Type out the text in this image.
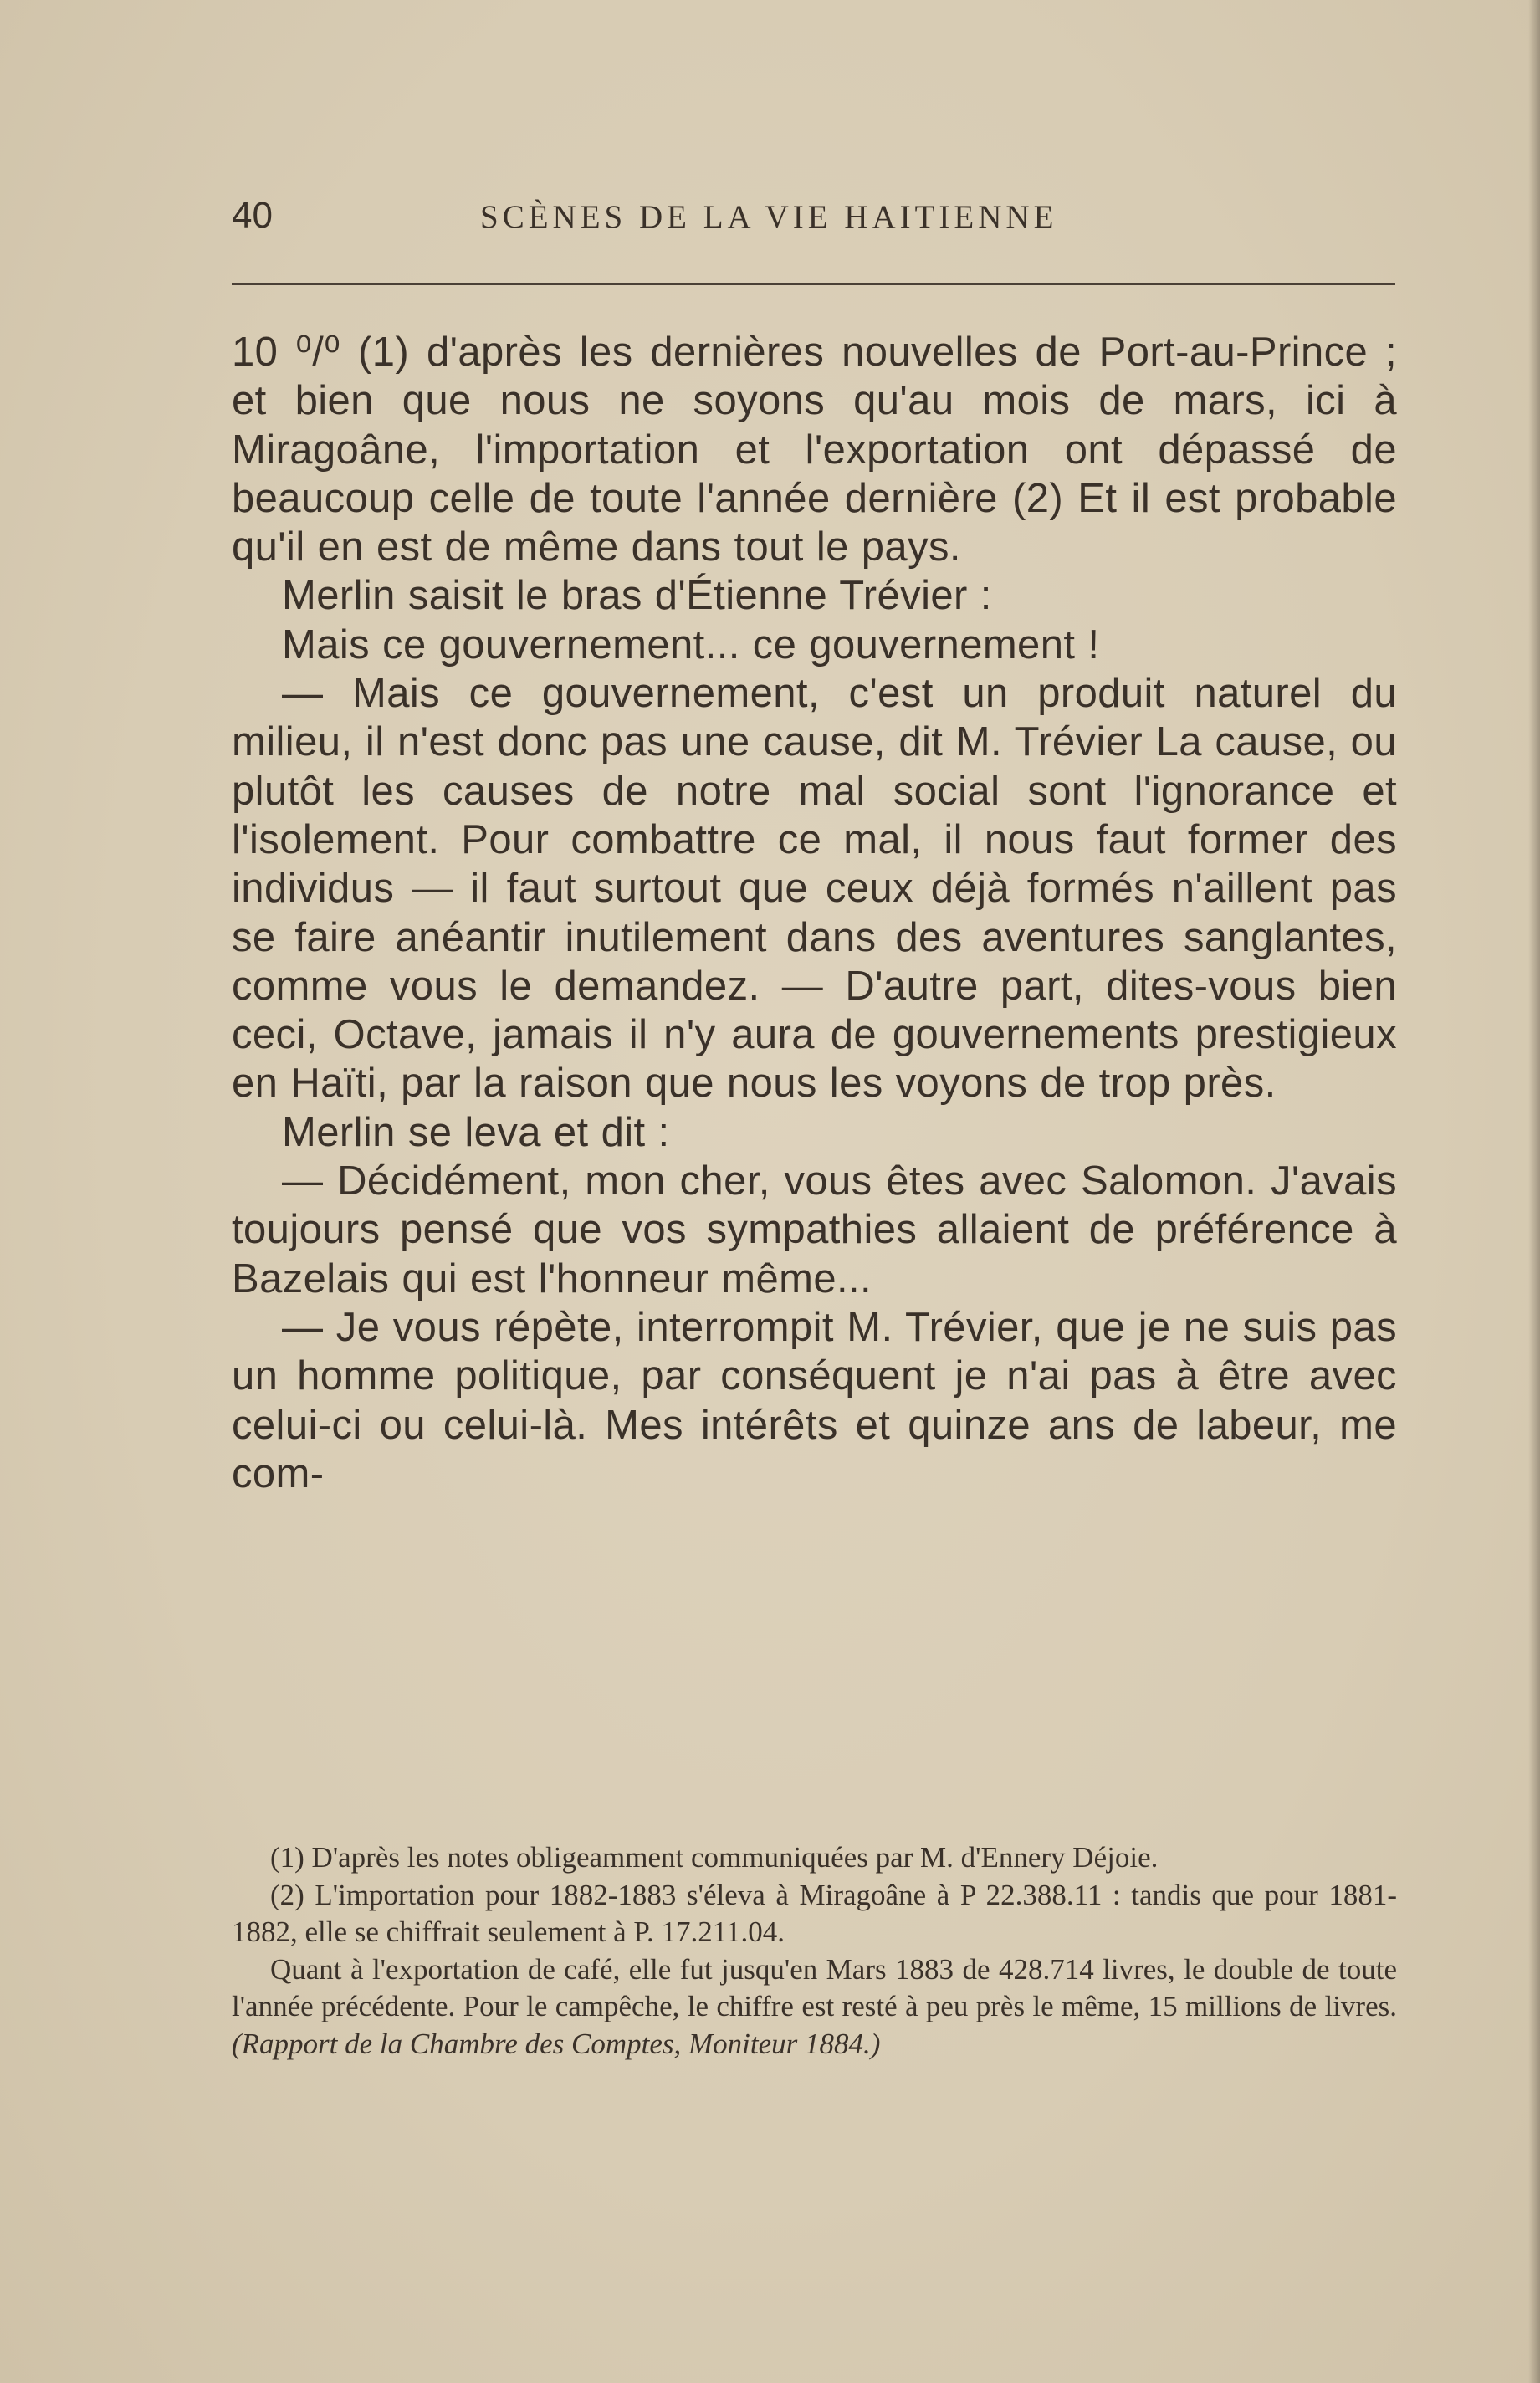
40	SCÈNES DE LA VIE HAITIENNE

10 ⁰/⁰ (1) d'après les dernières nouvelles de Port-au-Prince ; et bien que nous ne soyons qu'au mois de mars, ici à Miragoâne, l'importation et l'exportation ont dépassé de beaucoup celle de toute l'année dernière (2) Et il est probable qu'il en est de même dans tout le pays.

Merlin saisit le bras d'Étienne Trévier :

Mais ce gouvernement... ce gouvernement !

— Mais ce gouvernement, c'est un produit naturel du milieu, il n'est donc pas une cause, dit M. Trévier La cause, ou plutôt les causes de notre mal social sont l'ignorance et l'isolement. Pour combattre ce mal, il nous faut former des individus — il faut surtout que ceux déjà formés n'aillent pas se faire anéantir inutilement dans des aventures sanglantes, comme vous le demandez. — D'autre part, dites-vous bien ceci, Octave, jamais il n'y aura de gouvernements prestigieux en Haïti, par la raison que nous les voyons de trop près.

Merlin se leva et dit :

— Décidément, mon cher, vous êtes avec Salomon. J'avais toujours pensé que vos sympathies allaient de préférence à Bazelais qui est l'honneur même...

— Je vous répète, interrompit M. Trévier, que je ne suis pas un homme politique, par conséquent je n'ai pas à être avec celui-ci ou celui-là. Mes intérêts et quinze ans de labeur, me com-

(1) D'après les notes obligeamment communiquées par M. d'Ennery Déjoie.

(2) L'importation pour 1882-1883 s'éleva à Miragoâne à P 22.388.11 : tandis que pour 1881-1882, elle se chiffrait seulement à P. 17.211.04.

Quant à l'exportation de café, elle fut jusqu'en Mars 1883 de 428.714 livres, le double de toute l'année précédente. Pour le campêche, le chiffre est resté à peu près le même, 15 millions de livres. (Rapport de la Chambre des Comptes, Moniteur 1884.)
